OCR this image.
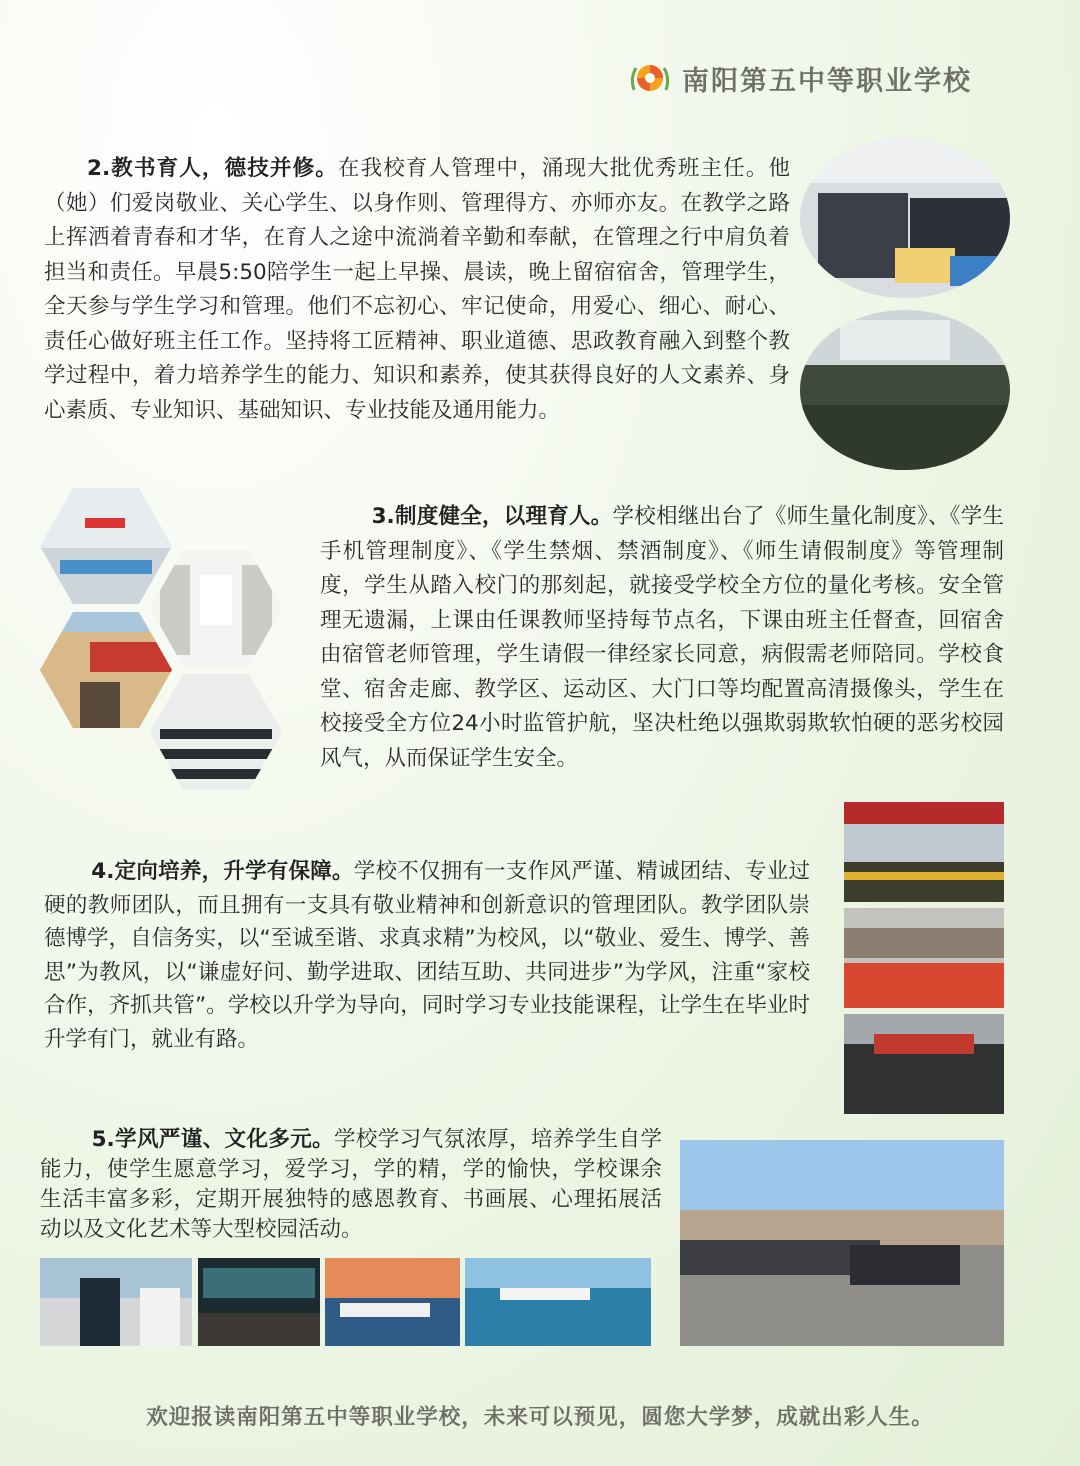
南阳第五中等职业学校

2.教书育人，德技并修。在我校育人管理中，涌现大批优秀班主任。他（她）们爱岗敬业、关心学生、以身作则、管理得方、亦师亦友。在教学之路上挥洒着青春和才华，在育人之途中流淌着辛勤和奉献，在管理之行中肩负着担当和责任。早晨5:50陪学生一起上早操、晨读，晚上留宿宿舍，管理学生，全天参与学生学习和管理。他们不忘初心、牢记使命，用爱心、细心、耐心、责任心做好班主任工作。坚持将工匠精神、职业道德、思政教育融入到整个教学过程中，着力培养学生的能力、知识和素养，使其获得良好的人文素养、身心素质、专业知识、基础知识、专业技能及通用能力。

3.制度健全，以理育人。学校相继出台了《师生量化制度》、《学生手机管理制度》、《学生禁烟、禁酒制度》、《师生请假制度》等管理制度，学生从踏入校门的那刻起，就接受学校全方位的量化考核。安全管理无遗漏，上课由任课教师坚持每节点名，下课由班主任督查，回宿舍由宿管老师管理，学生请假一律经家长同意，病假需老师陪同。学校食堂、宿舍走廊、教学区、运动区、大门口等均配置高清摄像头，学生在校接受全方位24小时监管护航，坚决杜绝以强欺弱欺软怕硬的恶劣校园风气，从而保证学生安全。

4.定向培养，升学有保障。学校不仅拥有一支作风严谨、精诚团结、专业过硬的教师团队，而且拥有一支具有敬业精神和创新意识的管理团队。教学团队崇德博学，自信务实，以“至诚至谐、求真求精”为校风，以“敬业、爱生、博学、善思”为教风，以“谦虚好问、勤学进取、团结互助、共同进步”为学风，注重“家校合作，齐抓共管”。学校以升学为导向，同时学习专业技能课程，让学生在毕业时升学有门，就业有路。

5.学风严谨、文化多元。学校学习气氛浓厚，培养学生自学能力，使学生愿意学习，爱学习，学的精，学的愉快，学校课余生活丰富多彩，定期开展独特的感恩教育、书画展、心理拓展活动以及文化艺术等大型校园活动。

欢迎报读南阳第五中等职业学校，未来可以预见，圆您大学梦，成就出彩人生。
